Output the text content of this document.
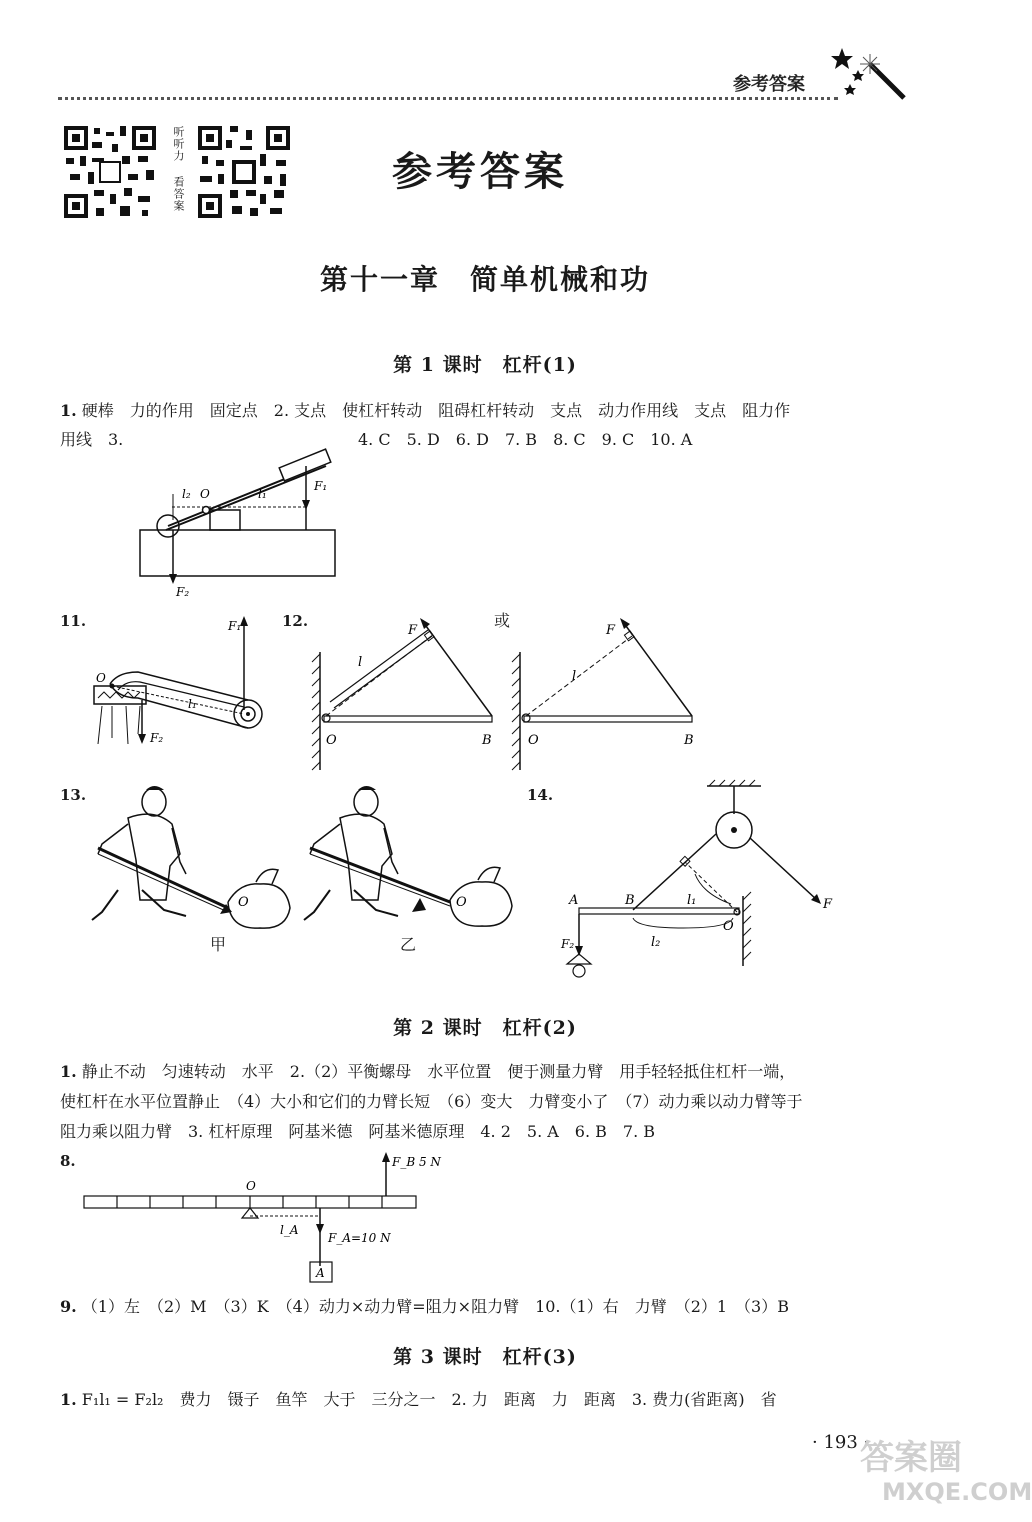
参考答案
听听力
看答案	参考答案
第十一章　简单机械和功
第 1 课时　杠杆(1)
1. 硬棒　力的作用　固定点　2. 支点　使杠杆转动　阻碍杠杆转动　支点　动力作用线　支点　阻力作
用线　3.	4. C　5. D　6. D　7. B　8. C　9. C　10. A
l₂ O	l₁
F₁
F₂
11.	F₁
O
l₁
F₂
12.
F
l
O	B
或
F
l
O	B
13.
O
甲
O
乙
14.
A	B	l₁
l₂
O
F
F₂
第 2 课时　杠杆(2)
1. 静止不动　匀速转动　水平　2.（2）平衡螺母　水平位置　便于测量力臂　用手轻轻抵住杠杆一端，
使杠杆在水平位置静止　（4）大小和它们的力臂长短　（6）变大　力臂变小了　（7）动力乘以动力臂等于
阻力乘以阻力臂　3. 杠杆原理　阿基米德　阿基米德原理　4. 2　5. A　6. B　7. B
8.	F_B 5 N
O
l_A
F_A=10 N
A
9. （1）左　（2）M　（3）K　（4）动力×动力臂=阻力×阻力臂　10.（1）右　力臂　（2）1　（3）B
第 3 课时　杠杆(3)
1. F₁l₁ = F₂l₂　费力　镊子　鱼竿　大于　三分之一　2. 力　距离　力　距离　3. 费力(省距离)　省
· 193 ·
答案圈
MXQE.COM
